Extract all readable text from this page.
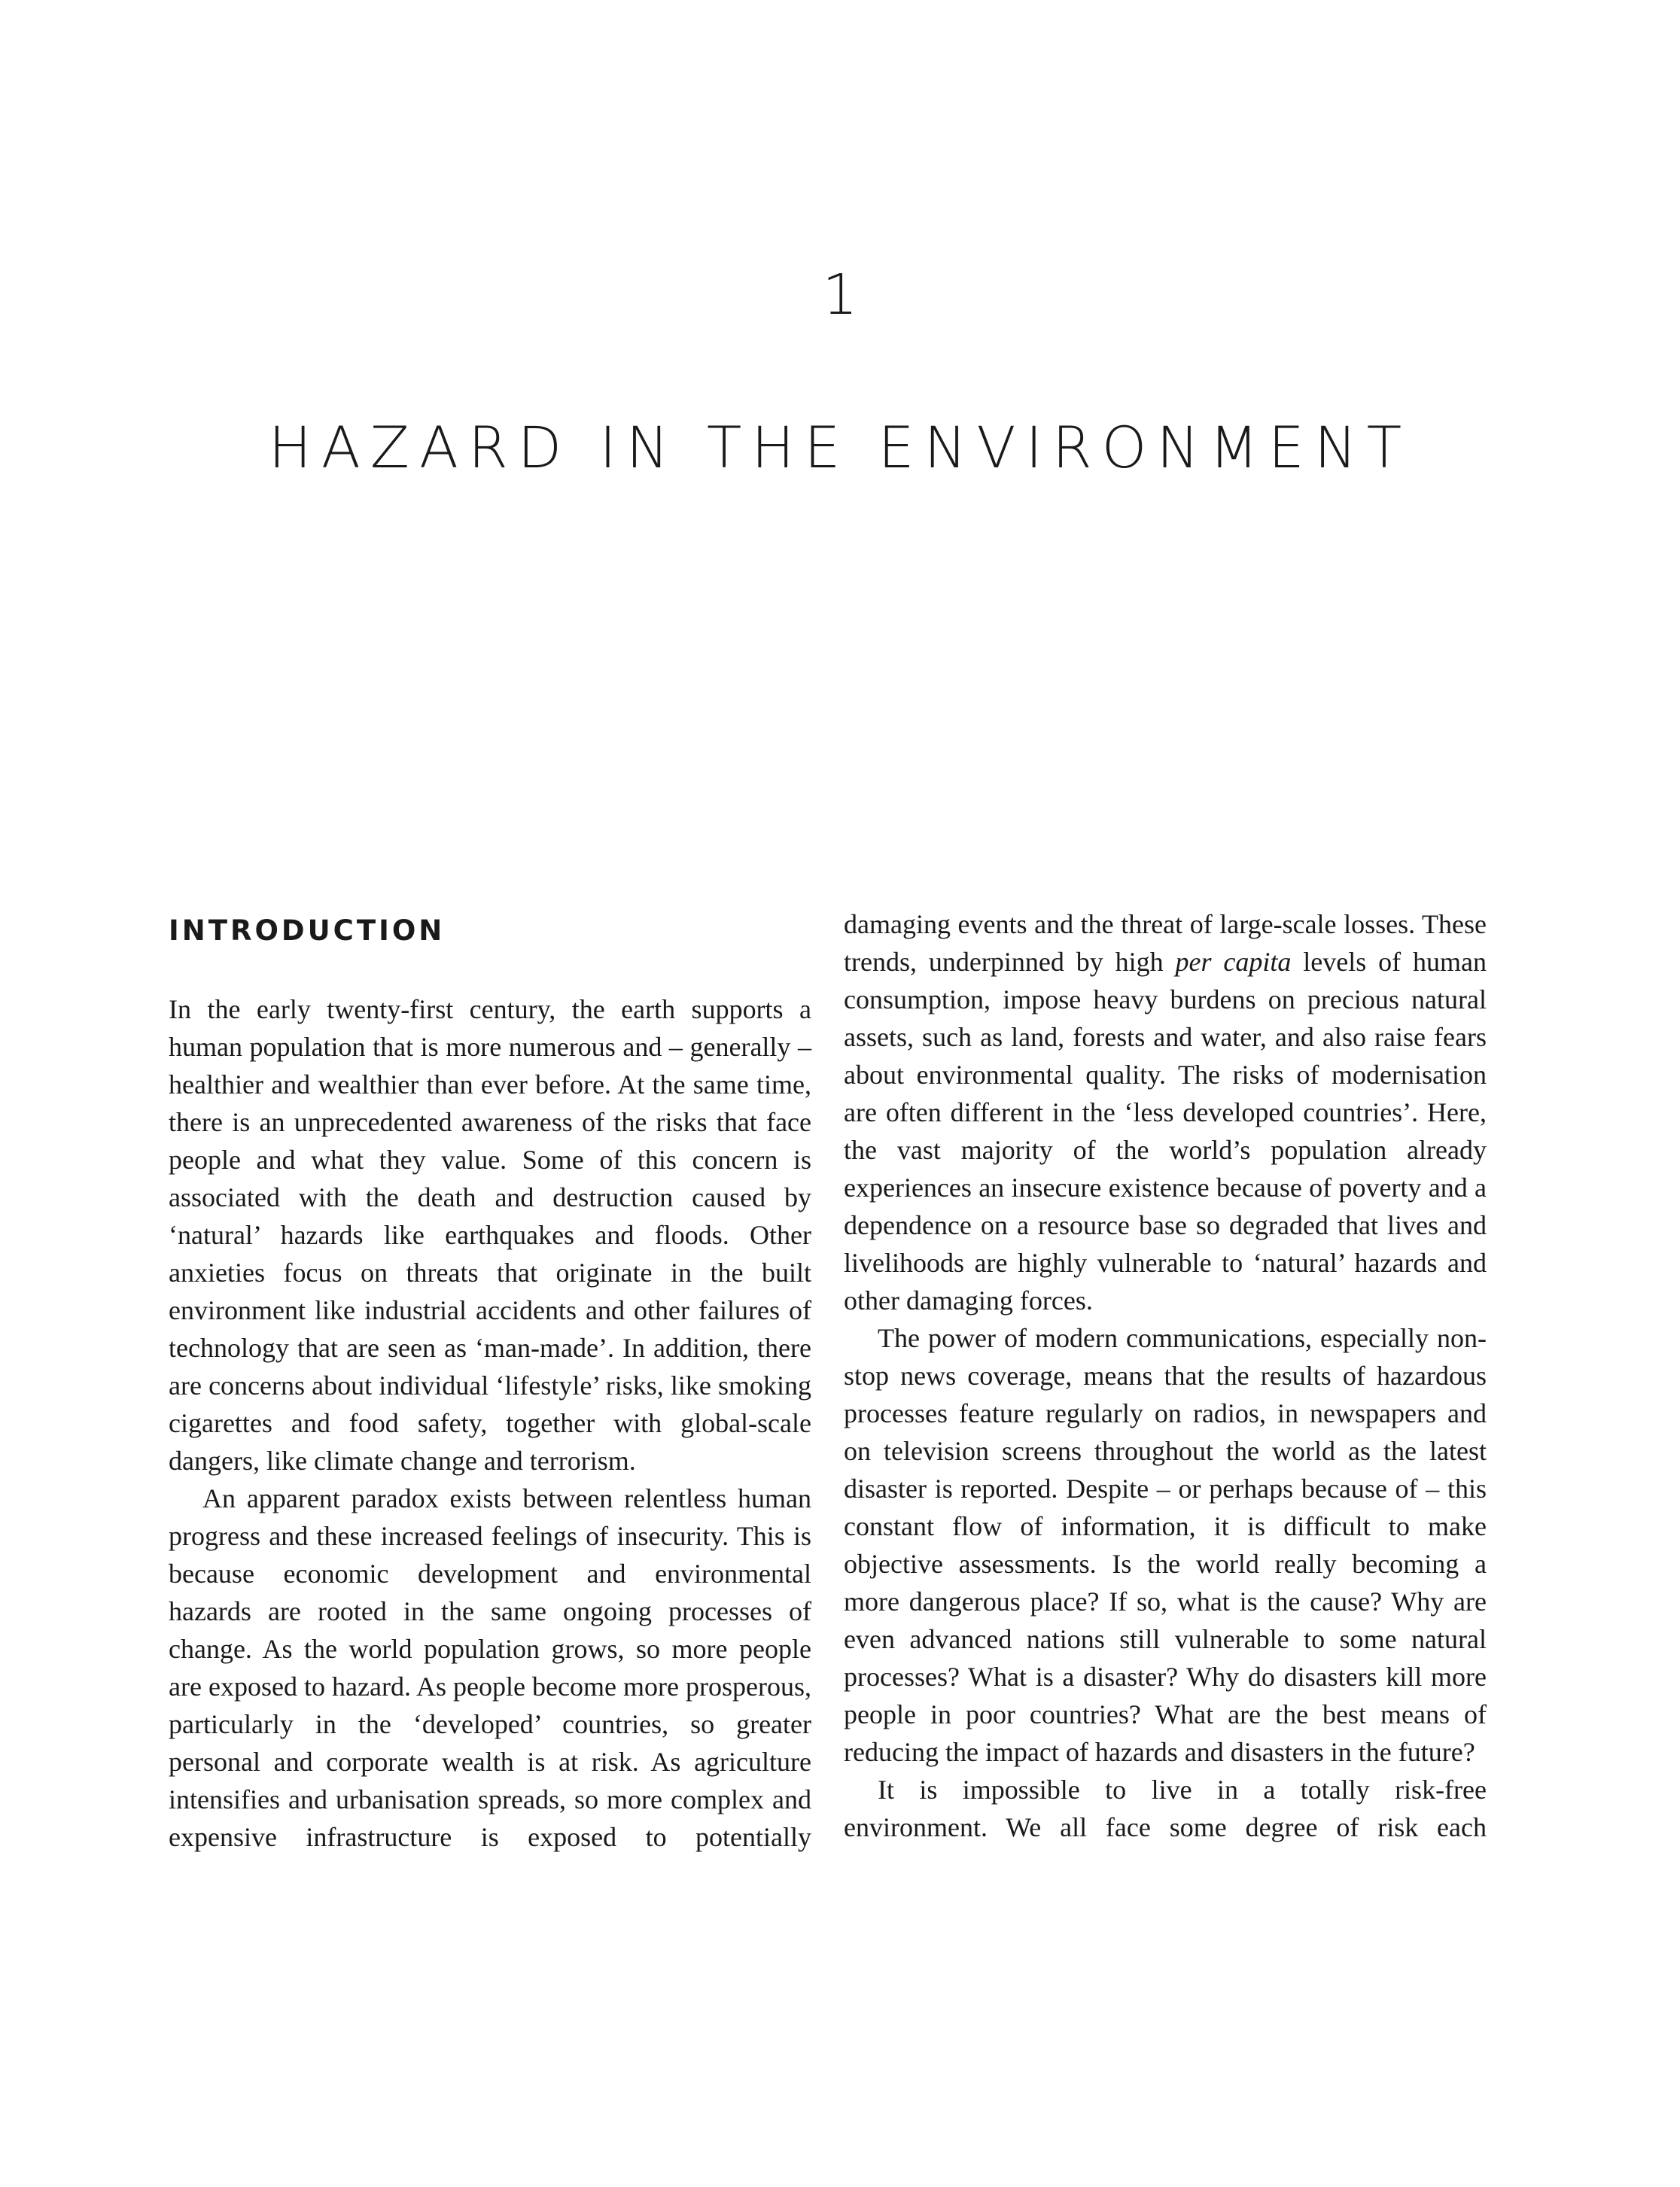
1
HAZARD IN THE ENVIRONMENT
INTRODUCTION

In the early twenty-first century, the earth supports a human population that is more numerous and – generally – healthier and wealthier than ever before. At the same time, there is an unprecedented awareness of the risks that face people and what they value. Some of this concern is associated with the death and destruction caused by ‘natural’ hazards like earthquakes and floods. Other anxieties focus on threats that originate in the built environment like industrial accidents and other failures of technology that are seen as ‘man-made’. In addition, there are concerns about individual ‘lifestyle’ risks, like smoking cigarettes and food safety, together with global-scale dangers, like climate change and terrorism.

An apparent paradox exists between relentless human progress and these increased feelings of insecurity. This is because economic development and environmental hazards are rooted in the same ongoing processes of change. As the world population grows, so more people are exposed to hazard. As people become more prosperous, particularly in the ‘developed’ countries, so greater personal and corporate wealth is at risk. As agriculture intensifies and urbanisation spreads, so more complex and expensive infrastructure is exposed to potentially

damaging events and the threat of large-scale losses. These trends, underpinned by high per capita levels of human consumption, impose heavy burdens on precious natural assets, such as land, forests and water, and also raise fears about environmental quality. The risks of modernisation are often different in the ‘less developed countries’. Here, the vast majority of the world’s population already experiences an insecure existence because of poverty and a dependence on a resource base so degraded that lives and livelihoods are highly vulnerable to ‘natural’ hazards and other damaging forces.

The power of modern communications, especially non-stop news coverage, means that the results of hazardous processes feature regularly on radios, in newspapers and on television screens throughout the world as the latest disaster is reported. Despite – or perhaps because of – this constant flow of information, it is difficult to make objective assessments. Is the world really becoming a more dangerous place? If so, what is the cause? Why are even advanced nations still vulnerable to some natural processes? What is a disaster? Why do disasters kill more people in poor countries? What are the best means of reducing the impact of hazards and disasters in the future?

It is impossible to live in a totally risk-free environment. We all face some degree of risk each
